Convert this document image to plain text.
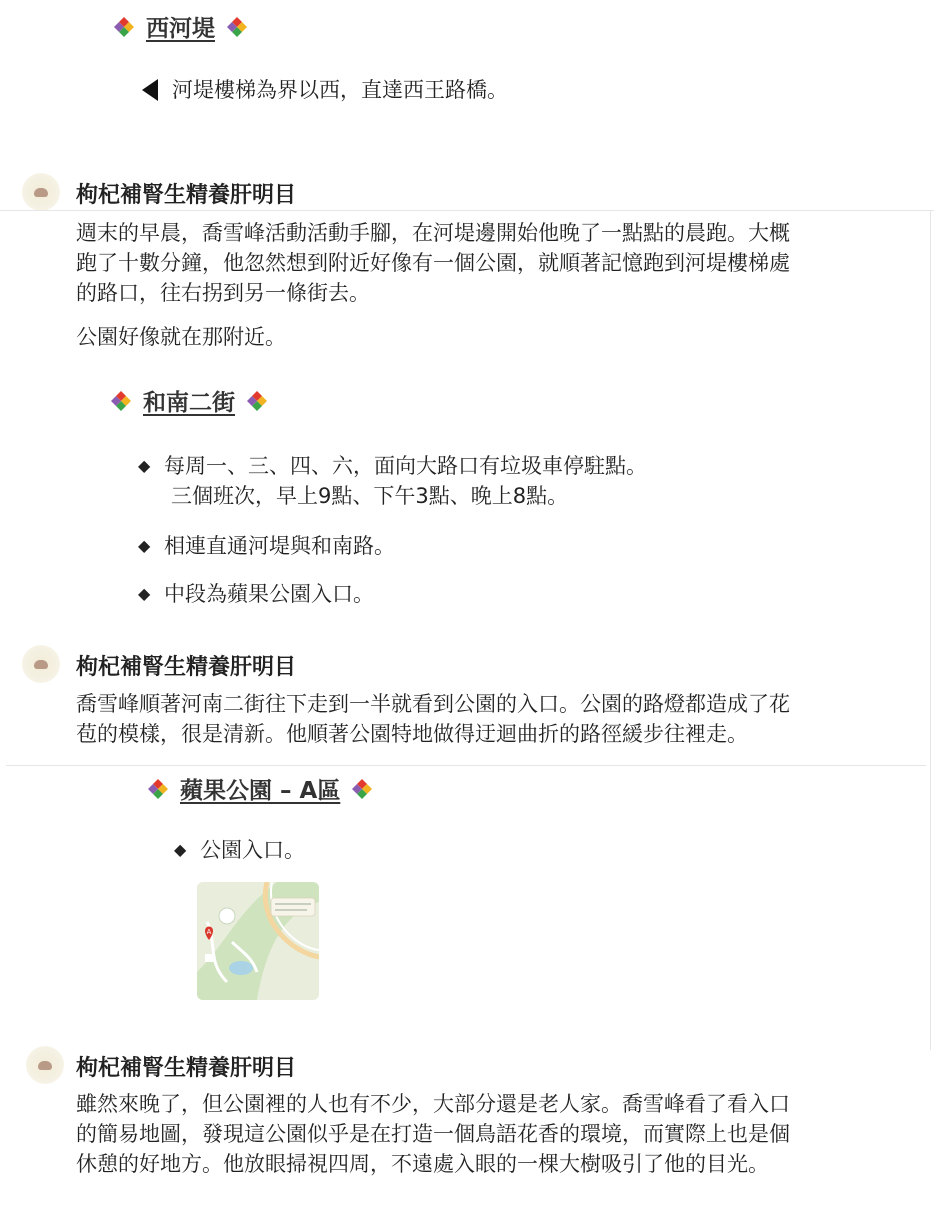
西河堤
河堤樓梯為界以西，直達西王路橋。
枸杞補腎生精養肝明目
週末的早晨，喬雪峰活動活動手腳，在河堤邊開始他晚了一點點的晨跑。大概
跑了十數分鐘，他忽然想到附近好像有一個公園，就順著記憶跑到河堤樓梯處
的路口，往右拐到另一條街去。
公園好像就在那附近。
和南二街
◆ 每周一、三、四、六，面向大路口有垃圾車停駐點。
三個班次，早上9點、下午3點、晚上8點。
◆ 相連直通河堤與和南路。
◆ 中段為蘋果公園入口。
枸杞補腎生精養肝明目
喬雪峰順著河南二街往下走到一半就看到公園的入口。公園的路燈都造成了花
苞的模樣，很是清新。他順著公園特地做得迂迴曲折的路徑緩步往裡走。
蘋果公園 – A區
◆ 公園入口。
A
枸杞補腎生精養肝明目
雖然來晚了，但公園裡的人也有不少，大部分還是老人家。喬雪峰看了看入口
的簡易地圖，發現這公園似乎是在打造一個鳥語花香的環境，而實際上也是個
休憩的好地方。他放眼掃視四周，不遠處入眼的一棵大樹吸引了他的目光。
